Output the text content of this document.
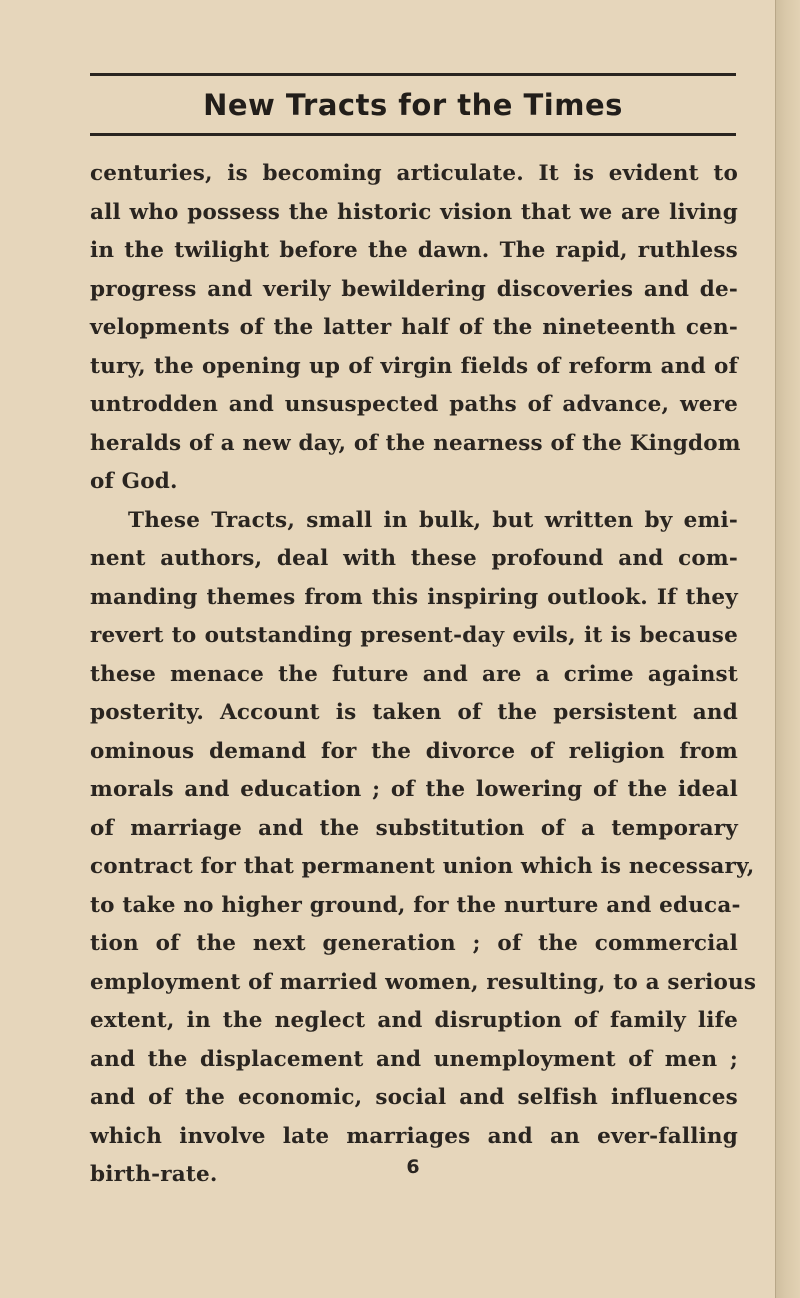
New Tracts for the Times
centuries, is becoming articulate. It is evident to
all who possess the historic vision that we are living
in the twilight before the dawn. The rapid, ruthless
progress and verily bewildering discoveries and de-
velopments of the latter half of the nineteenth cen-
tury, the opening up of virgin fields of reform and of
untrodden and unsuspected paths of advance, were
heralds of a new day, of the nearness of the Kingdom
of God.
These Tracts, small in bulk, but written by emi-
nent authors, deal with these profound and com-
manding themes from this inspiring outlook. If they
revert to outstanding present-day evils, it is because
these menace the future and are a crime against
posterity. Account is taken of the persistent and
ominous demand for the divorce of religion from
morals and education ; of the lowering of the ideal
of marriage and the substitution of a temporary
contract for that permanent union which is necessary,
to take no higher ground, for the nurture and educa-
tion of the next generation ; of the commercial
employment of married women, resulting, to a serious
extent, in the neglect and disruption of family life
and the displacement and unemployment of men ;
and of the economic, social and selfish influences
which involve late marriages and an ever-falling
birth-rate.	6
